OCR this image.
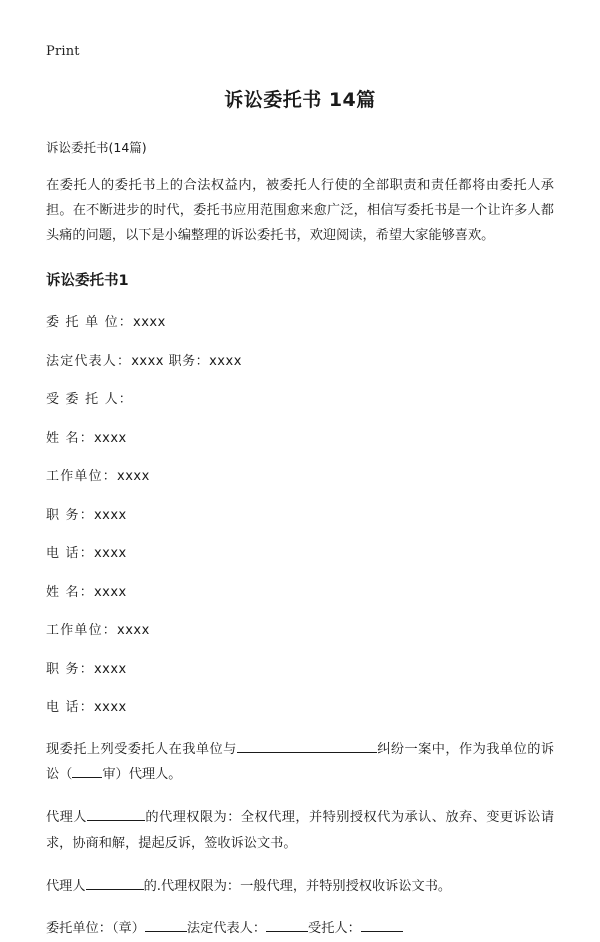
Print
诉讼委托书 14篇

诉讼委托书(14篇)

在委托人的委托书上的合法权益内，被委托人行使的全部职责和责任都将由委托人承担。在不断进步的时代，委托书应用范围愈来愈广泛，相信写委托书是一个让许多人都头痛的问题，以下是小编整理的诉讼委托书，欢迎阅读，希望大家能够喜欢。

诉讼委托书1

委 托 单 位：xxxx

法定代表人：xxxx 职务：xxxx

受 委 托 人：

姓 名：xxxx

工作单位：xxxx

职 务：xxxx

电 话：xxxx

姓 名：xxxx

工作单位：xxxx

职 务：xxxx

电 话：xxxx

现委托上列受委托人在我单位与	纠纷一案中，作为我单位的诉讼（ 审）代理人。

代理人	的代理权限为：全权代理，并特别授权代为承认、放弃、变更诉讼请求，协商和解，提起反诉，签收诉讼文书。

代理人	的.代理权限为：一般代理，并特别授权收诉讼文书。

委托单位：（章）	法定代表人：	受托人：
